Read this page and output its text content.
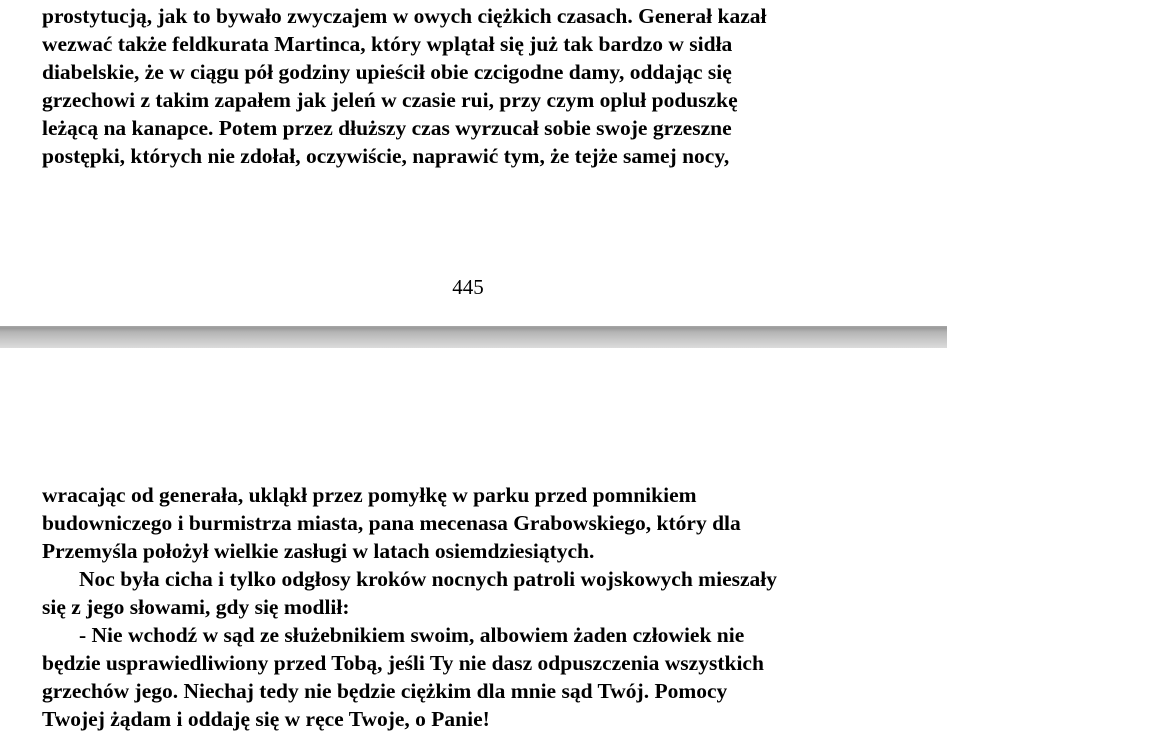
prostytucją, jak to bywało zwyczajem w owych ciężkich czasach. Generał kazał
wezwać także feldkurata Martinca, który wplątał się już tak bardzo w sidła
diabelskie, że w ciągu pół godziny upieścił obie czcigodne damy, oddając się
grzechowi z takim zapałem jak jeleń w czasie rui, przy czym opluł poduszkę
leżącą na kanapce. Potem przez dłuższy czas wyrzucał sobie swoje grzeszne
postępki, których nie zdołał, oczywiście, naprawić tym, że tejże samej nocy,
445
wracając od generała, ukląkł przez pomyłkę w parku przed pomnikiem
budowniczego i burmistrza miasta, pana mecenasa Grabowskiego, który dla
Przemyśla położył wielkie zasługi w latach osiemdziesiątych.
Noc była cicha i tylko odgłosy kroków nocnych patroli wojskowych mieszały
się z jego słowami, gdy się modlił:
- Nie wchodź w sąd ze służebnikiem swoim, albowiem żaden człowiek nie
będzie usprawiedliwiony przed Tobą, jeśli Ty nie dasz odpuszczenia wszystkich
grzechów jego. Niechaj tedy nie będzie ciężkim dla mnie sąd Twój. Pomocy
Twojej żądam i oddaję się w ręce Twoje, o Panie!
